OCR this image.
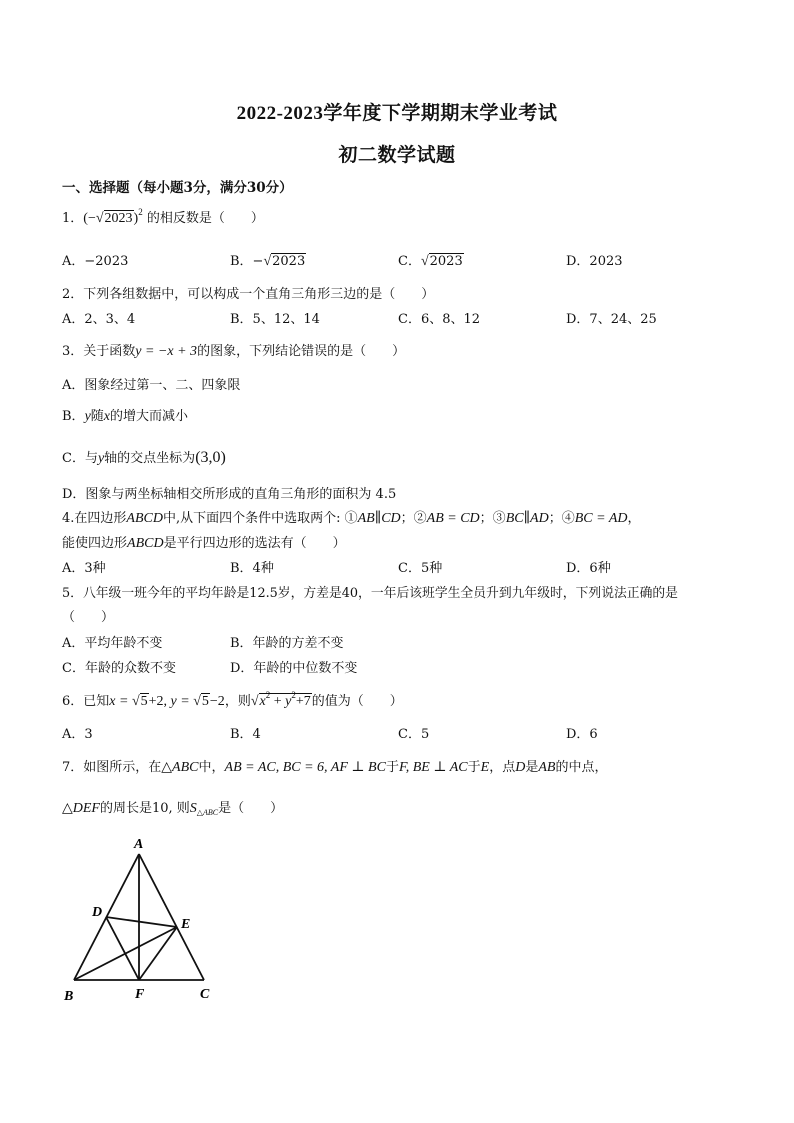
2022-2023学年度下学期期末学业考试
初二数学试题
一、选择题（每小题3分，满分30分）
1．$(-√2023)^2$ 的相反数是（　　）
A．−2023	B．−√2023	C．√2023	D．2023
2．下列各组数据中，可以构成一个直角三角形三边的是（　　）
A．2、3、4	B．5、12、14	C．6、8、12	D．7、24、25
3．关于函数y = −x + 3的图象，下列结论错误的是（　　）
A．图象经过第一、二、四象限
B．y随x的增大而减小
C．与y轴的交点坐标为(3,0)
D．图象与两坐标轴相交所形成的直角三角形的面积为 4.5
4.在四边形ABCD中,从下面四个条件中选取两个: ①AB∥CD；②AB = CD；③BC∥AD；④BC = AD，
能使四边形ABCD是平行四边形的选法有（　　）
A．3种	B．4种	C．5种	D．6种
5．八年级一班今年的平均年龄是12.5岁，方差是40，一年后该班学生全员升到九年级时，下列说法正确的是
（　　）
A．平均年龄不变	B．年龄的方差不变
C．年龄的众数不变	D．年龄的中位数不变
6．已知x = √5+2, y = √5−2，则$√x^2 + y^2+7$的值为（　　）
A．3	B．4	C．5	D．6
7．如图所示，在△ABC中，AB = AC, BC = 6, AF ⊥ BC于F, BE ⊥ AC于E，点D是AB的中点，
△DEF的周长是10, 则$S_{\triangle ABC}$是（　　）
A
B	C
D
E
F
